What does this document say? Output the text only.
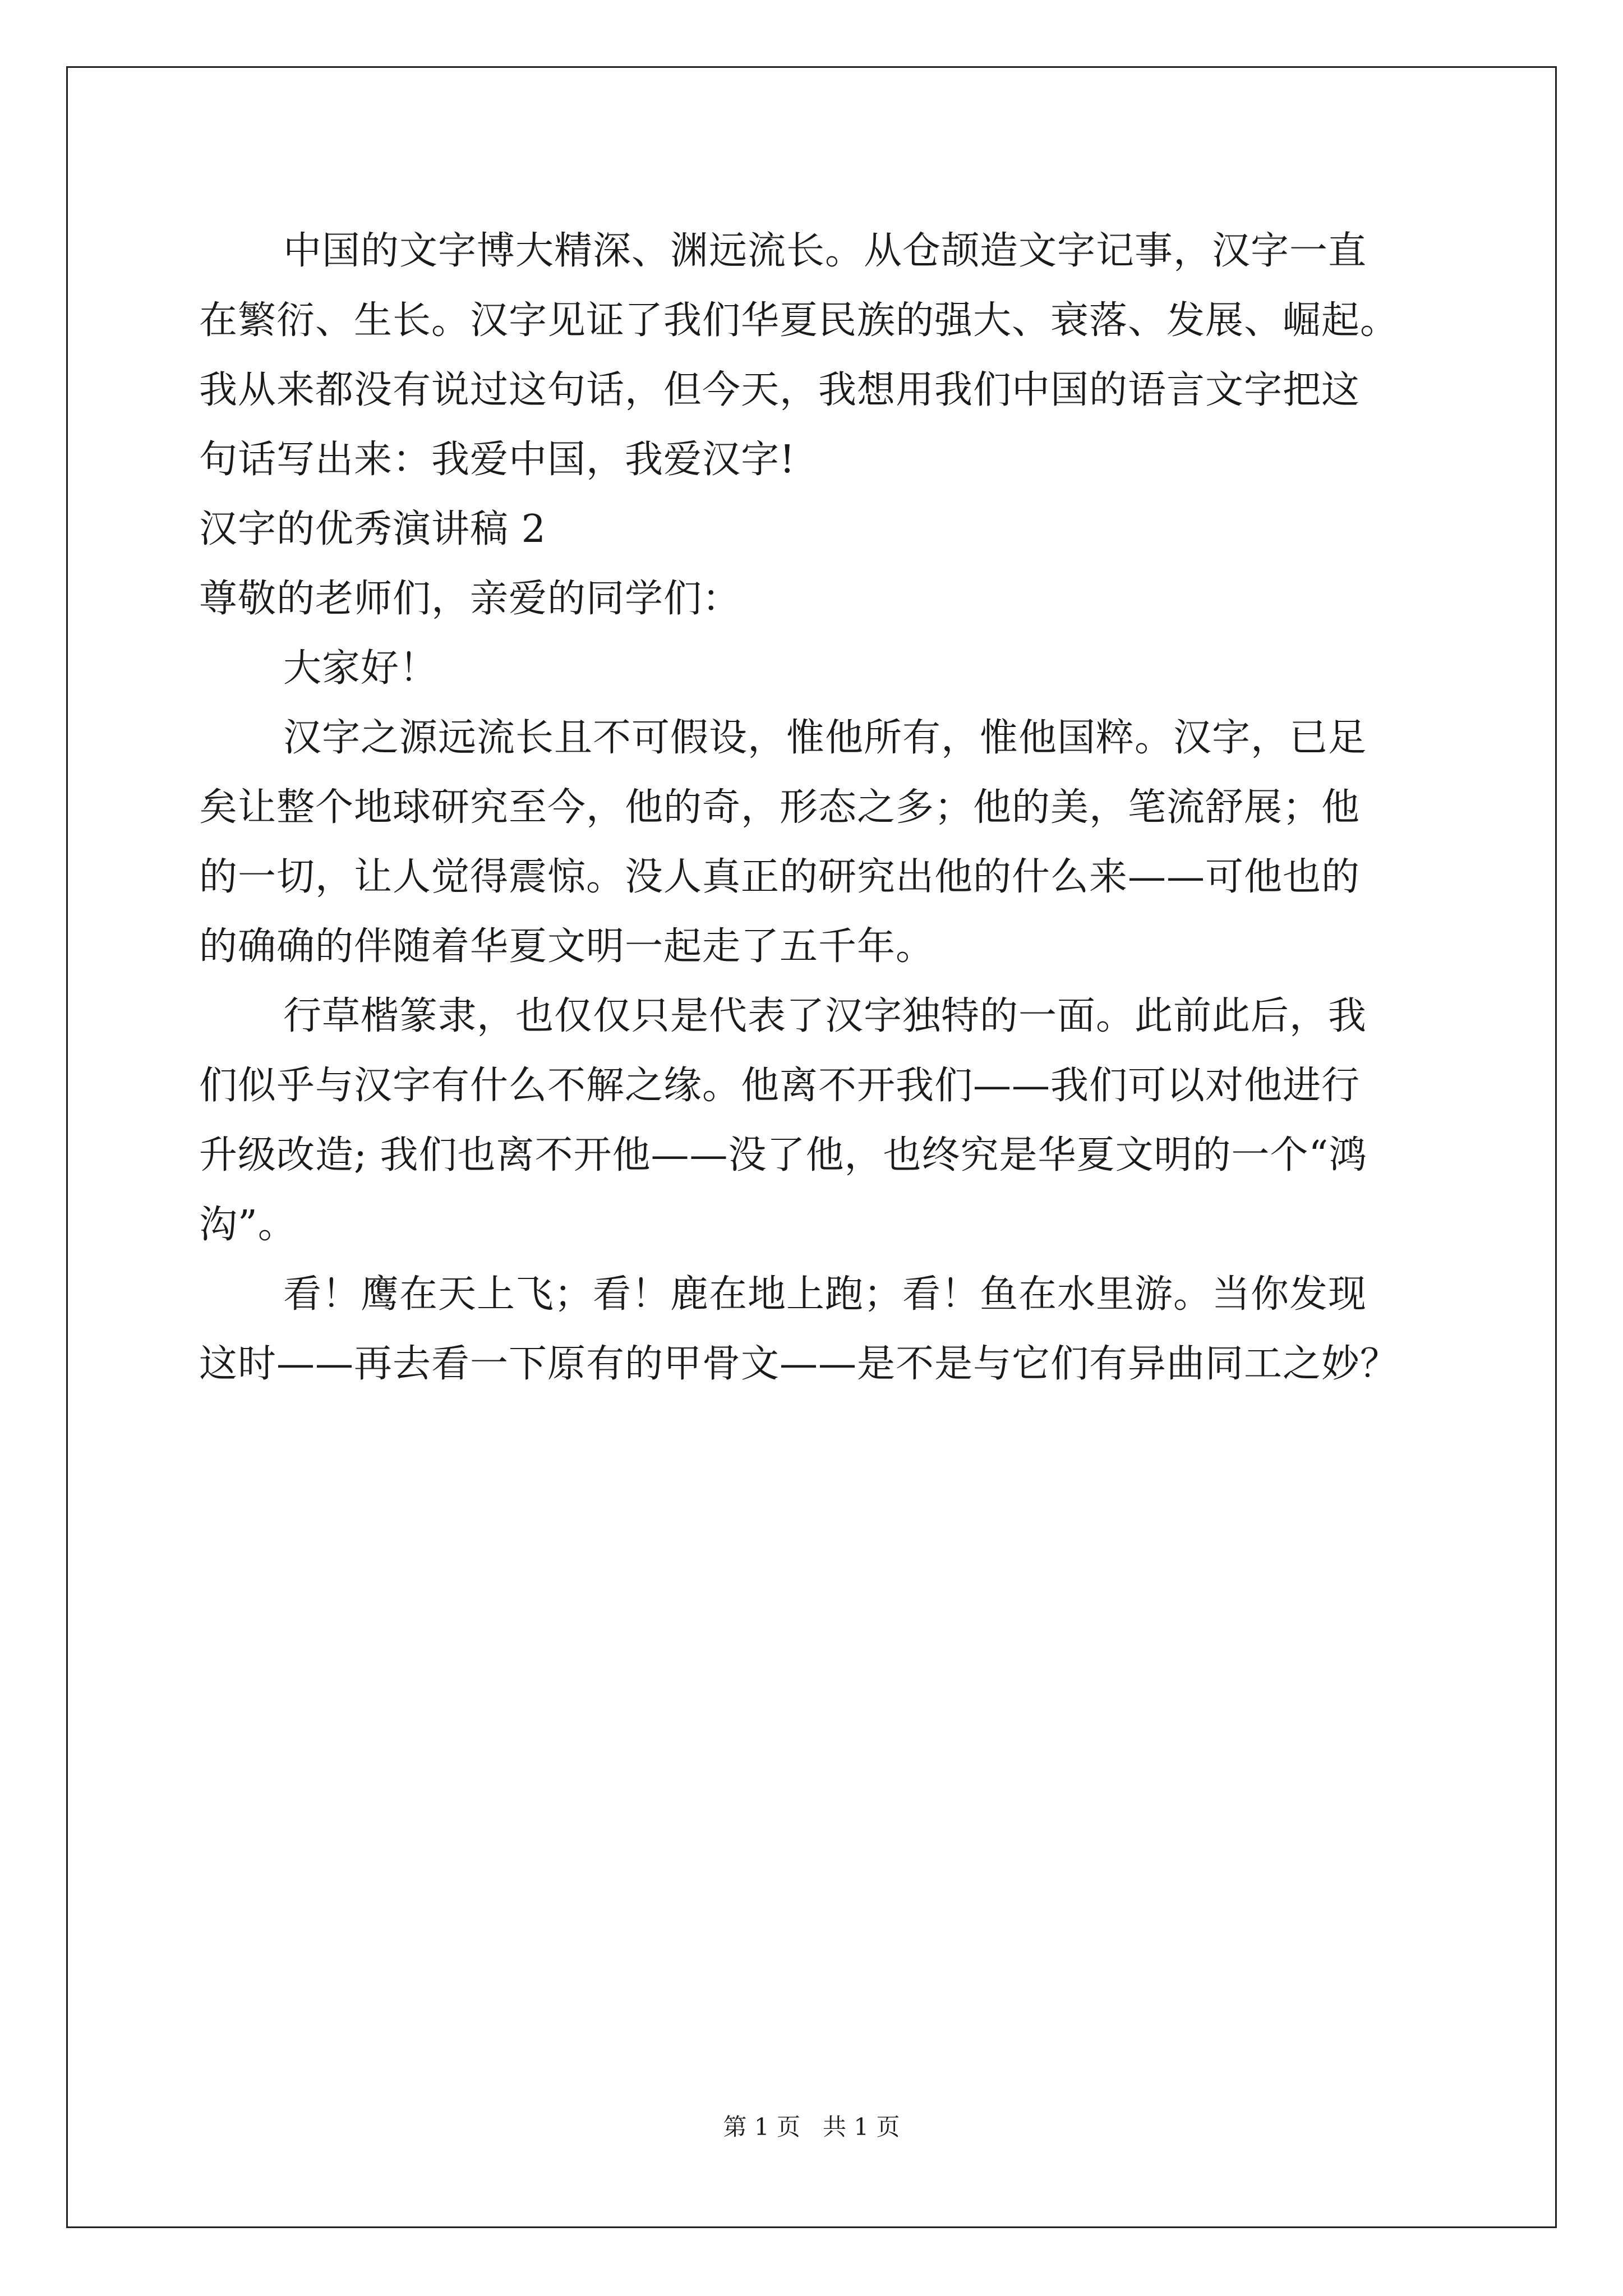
中国的文字博大精深、渊远流长。从仓颉造文字记事，汉字一直
在繁衍、生长。汉字见证了我们华夏民族的强大、衰落、发展、崛起。
我从来都没有说过这句话，但今天，我想用我们中国的语言文字把这
句话写出来：我爱中国，我爱汉字!
汉字的优秀演讲稿 2
尊敬的老师们，亲爱的同学们：
大家好！
汉字之源远流长且不可假设，惟他所有，惟他国粹。汉字，已足
矣让整个地球研究至今，他的奇，形态之多；他的美，笔流舒展；他
的一切，让人觉得震惊。没人真正的研究出他的什么来——可他也的
的确确的伴随着华夏文明一起走了五千年。
行草楷篆隶，也仅仅只是代表了汉字独特的一面。此前此后，我
们似乎与汉字有什么不解之缘。他离不开我们——我们可以对他进行
升级改造; 我们也离不开他——没了他，也终究是华夏文明的一个“鸿
沟”。
看！鹰在天上飞；看！鹿在地上跑；看！鱼在水里游。当你发现
这时——再去看一下原有的甲骨文——是不是与它们有异曲同工之妙？
第 1 页   共 1 页
